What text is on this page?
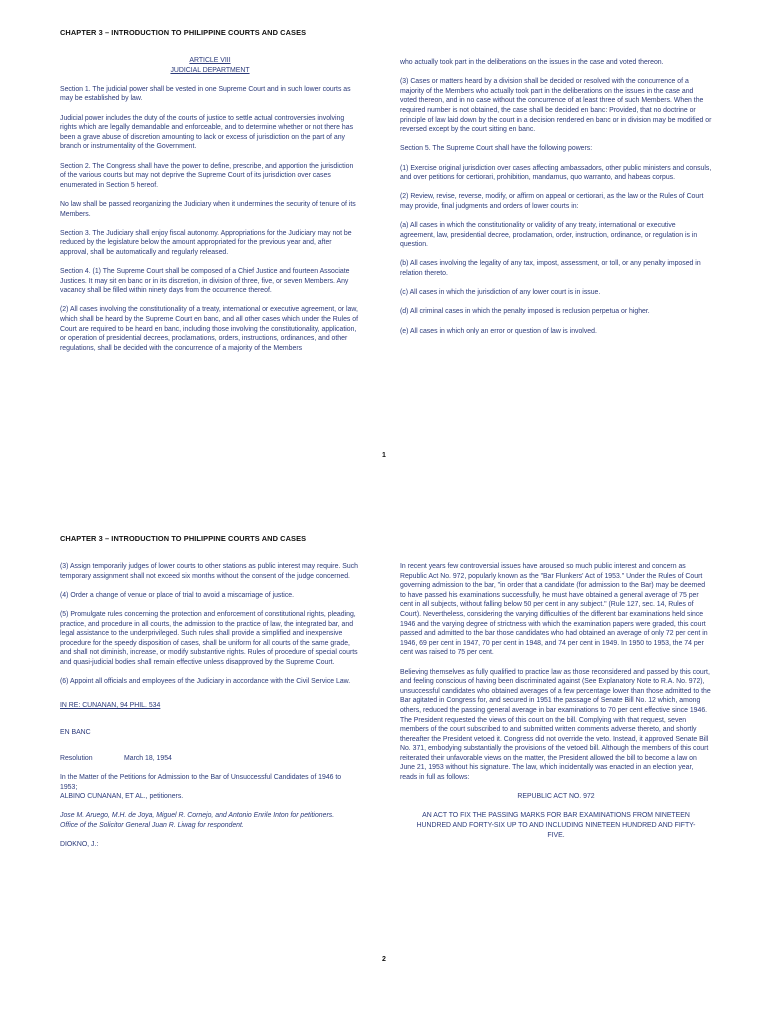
CHAPTER 3 – INTRODUCTION TO PHILIPPINE COURTS AND CASES
ARTICLE VIII
JUDICIAL DEPARTMENT

Section 1. The judicial power shall be vested in one Supreme Court and in such lower courts as may be established by law.

Judicial power includes the duty of the courts of justice to settle actual controversies involving rights which are legally demandable and enforceable, and to determine whether or not there has been a grave abuse of discretion amounting to lack or excess of jurisdiction on the part of any branch or instrumentality of the Government.

Section 2. The Congress shall have the power to define, prescribe, and apportion the jurisdiction of the various courts but may not deprive the Supreme Court of its jurisdiction over cases enumerated in Section 5 hereof.

No law shall be passed reorganizing the Judiciary when it undermines the security of tenure of its Members.

Section 3. The Judiciary shall enjoy fiscal autonomy. Appropriations for the Judiciary may not be reduced by the legislature below the amount appropriated for the previous year and, after approval, shall be automatically and regularly released.

Section 4. (1) The Supreme Court shall be composed of a Chief Justice and fourteen Associate Justices. It may sit en banc or in its discretion, in division of three, five, or seven Members. Any vacancy shall be filled within ninety days from the occurrence thereof.

(2) All cases involving the constitutionality of a treaty, international or executive agreement, or law, which shall be heard by the Supreme Court en banc, and all other cases which under the Rules of Court are required to be heard en banc, including those involving the constitutionality, application, or operation of presidential decrees, proclamations, orders, instructions, ordinances, and other regulations, shall be decided with the concurrence of a majority of the Members

who actually took part in the deliberations on the issues in the case and voted thereon.

(3) Cases or matters heard by a division shall be decided or resolved with the concurrence of a majority of the Members who actually took part in the deliberations on the issues in the case and voted thereon, and in no case without the concurrence of at least three of such Members. When the required number is not obtained, the case shall be decided en banc: Provided, that no doctrine or principle of law laid down by the court in a decision rendered en banc or in division may be modified or reversed except by the court sitting en banc.

Section 5. The Supreme Court shall have the following powers:

(1) Exercise original jurisdiction over cases affecting ambassadors, other public ministers and consuls, and over petitions for certiorari, prohibition, mandamus, quo warranto, and habeas corpus.

(2) Review, revise, reverse, modify, or affirm on appeal or certiorari, as the law or the Rules of Court may provide, final judgments and orders of lower courts in:

(a) All cases in which the constitutionality or validity of any treaty, international or executive agreement, law, presidential decree, proclamation, order, instruction, ordinance, or regulation is in question.

(b) All cases involving the legality of any tax, impost, assessment, or toll, or any penalty imposed in relation thereto.

(c) All cases in which the jurisdiction of any lower court is in issue.

(d) All criminal cases in which the penalty imposed is reclusion perpetua or higher.

(e) All cases in which only an error or question of law is involved.

1
CHAPTER 3 – INTRODUCTION TO PHILIPPINE COURTS AND CASES

(3) Assign temporarily judges of lower courts to other stations as public interest may require. Such temporary assignment shall not exceed six months without the consent of the judge concerned.

(4) Order a change of venue or place of trial to avoid a miscarriage of justice.

(5) Promulgate rules concerning the protection and enforcement of constitutional rights, pleading, practice, and procedure in all courts, the admission to the practice of law, the integrated bar, and legal assistance to the underprivileged. Such rules shall provide a simplified and inexpensive procedure for the speedy disposition of cases, shall be uniform for all courts of the same grade, and shall not diminish, increase, or modify substantive rights. Rules of procedure of special courts and quasi-judicial bodies shall remain effective unless disapproved by the Supreme Court.

(6) Appoint all officials and employees of the Judiciary in accordance with the Civil Service Law.

IN RE: CUNANAN, 94 PHIL. 534

EN BANC

Resolution	March 18, 1954
In the Matter of the Petitions for Admission to the Bar of Unsuccessful Candidates of 1946 to 1953;

ALBINO CUNANAN, ET AL., petitioners.

Jose M. Aruego, M.H. de Joya, Miguel R. Cornejo, and Antonio Enrile Inton for petitioners.

Office of the Solicitor General Juan R. Liwag for respondent.

DIOKNO, J.:

In recent years few controversial issues have aroused so much public interest and concern as Republic Act No. 972, popularly known as the "Bar Flunkers' Act of 1953." Under the Rules of Court governing admission to the bar, "in order that a candidate (for admission to the Bar) may be deemed to have passed his examinations successfully, he must have obtained a general average of 75 per cent in all subjects, without falling below 50 per cent in any subject." (Rule 127, sec. 14, Rules of Court). Nevertheless, considering the varying difficulties of the different bar examinations held since 1946 and the varying degree of strictness with which the examination papers were graded, this court passed and admitted to the bar those candidates who had obtained an average of only 72 per cent in 1946, 69 per cent in 1947, 70 per cent in 1948, and 74 per cent in 1949. In 1950 to 1953, the 74 per cent was raised to 75 per cent.

Believing themselves as fully qualified to practice law as those reconsidered and passed by this court, and feeling conscious of having been discriminated against (See Explanatory Note to R.A. No. 972), unsuccessful candidates who obtained averages of a few percentage lower than those admitted to the Bar agitated in Congress for, and secured in 1951 the passage of Senate Bill No. 12 which, among others, reduced the passing general average in bar examinations to 70 per cent effective since 1946. The President requested the views of this court on the bill. Complying with that request, seven members of the court subscribed to and submitted written comments adverse thereto, and shortly thereafter the President vetoed it. Congress did not override the veto. Instead, it approved Senate Bill No. 371, embodying substantially the provisions of the vetoed bill. Although the members of this court reiterated their unfavorable views on the matter, the President allowed the bill to become a law on June 21, 1953 without his signature. The law, which incidentally was enacted in an election year, reads in full as follows:

REPUBLIC ACT NO. 972
AN ACT TO FIX THE PASSING MARKS FOR BAR EXAMINATIONS FROM NINETEEN HUNDRED AND FORTY-SIX UP TO AND INCLUDING NINETEEN HUNDRED AND FIFTY-FIVE.
2
